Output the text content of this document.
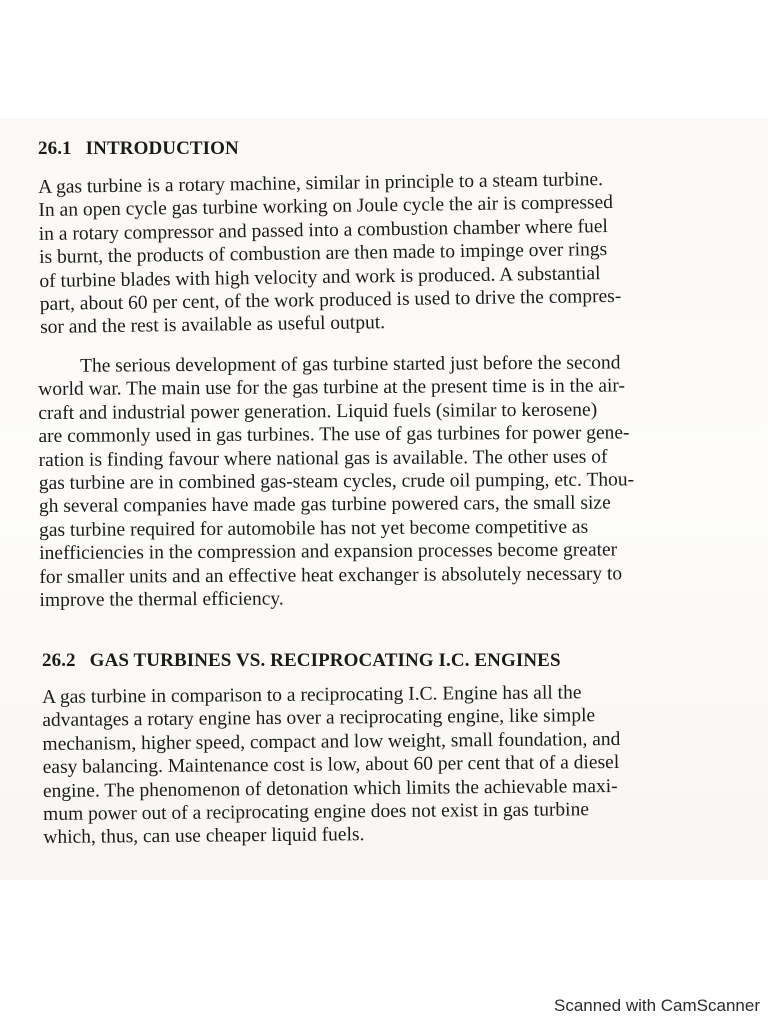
26.1 INTRODUCTION
A gas turbine is a rotary machine, similar in principle to a steam turbine.
In an open cycle gas turbine working on Joule cycle the air is compressed
in a rotary compressor and passed into a combustion chamber where fuel
is burnt, the products of combustion are then made to impinge over rings
of turbine blades with high velocity and work is produced. A substantial
part, about 60 per cent, of the work produced is used to drive the compres-
sor and the rest is available as useful output.
The serious development of gas turbine started just before the second
world war. The main use for the gas turbine at the present time is in the air-
craft and industrial power generation. Liquid fuels (similar to kerosene)
are commonly used in gas turbines. The use of gas turbines for power gene-
ration is finding favour where national gas is available. The other uses of
gas turbine are in combined gas-steam cycles, crude oil pumping, etc. Thou-
gh several companies have made gas turbine powered cars, the small size
gas turbine required for automobile has not yet become competitive as
inefficiencies in the compression and expansion processes become greater
for smaller units and an effective heat exchanger is absolutely necessary to
improve the thermal efficiency.
26.2 GAS TURBINES VS. RECIPROCATING I.C. ENGINES
A gas turbine in comparison to a reciprocating I.C. Engine has all the
advantages a rotary engine has over a reciprocating engine, like simple
mechanism, higher speed, compact and low weight, small foundation, and
easy balancing. Maintenance cost is low, about 60 per cent that of a diesel
engine. The phenomenon of detonation which limits the achievable maxi-
mum power out of a reciprocating engine does not exist in gas turbine
which, thus, can use cheaper liquid fuels.
Scanned with CamScanner
